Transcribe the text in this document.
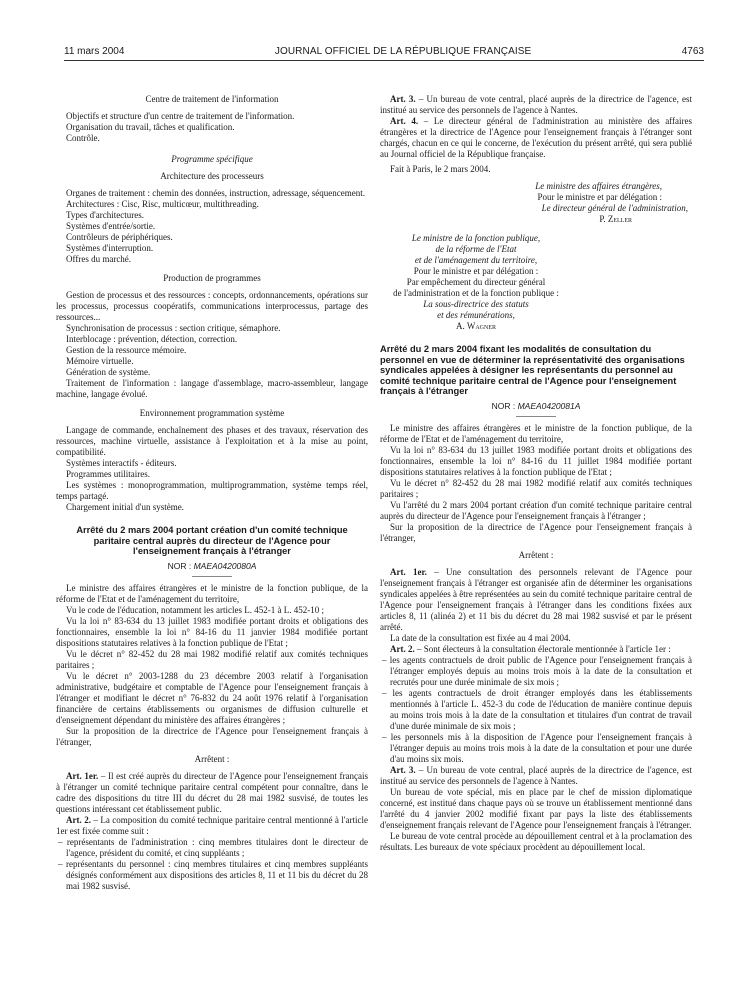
11 mars 2004	JOURNAL OFFICIEL DE LA RÉPUBLIQUE FRANÇAISE	4763

Centre de traitement de l'information

Objectifs et structure d'un centre de traitement de l'information.

Organisation du travail, tâches et qualification.

Contrôle.

Programme spécifique

Architecture des processeurs

Organes de traitement : chemin des données, instruction, adressage, séquencement.

Architectures : Cisc, Risc, multicœur, multithreading.

Types d'architectures.

Systèmes d'entrée/sortie.

Contrôleurs de périphériques.

Systèmes d'interruption.

Offres du marché.

Production de programmes

Gestion de processus et des ressources : concepts, ordonnancements, opérations sur les processus, processus coopératifs, communications interprocessus, partage des ressources...

Synchronisation de processus : section critique, sémaphore.

Interblocage : prévention, détection, correction.

Gestion de la ressource mémoire.

Mémoire virtuelle.

Génération de système.

Traitement de l'information : langage d'assemblage, macro-assembleur, langage machine, langage évolué.

Environnement programmation système

Langage de commande, enchaînement des phases et des travaux, réservation des ressources, machine virtuelle, assistance à l'exploitation et à la mise au point, compatibilité.

Systèmes interactifs - éditeurs.

Programmes utilitaires.

Les systèmes : monoprogrammation, multiprogrammation, système temps réel, temps partagé.

Chargement initial d'un système.

Arrêté du 2 mars 2004 portant création d'un comité technique paritaire central auprès du directeur de l'Agence pour l'enseignement français à l'étranger

NOR : MAEA0420080A

Le ministre des affaires étrangères et le ministre de la fonction publique, de la réforme de l'Etat et de l'aménagement du territoire,

Vu le code de l'éducation, notamment les articles L. 452-1 à L. 452-10 ;

Vu la loi n° 83-634 du 13 juillet 1983 modifiée portant droits et obligations des fonctionnaires, ensemble la loi n° 84-16 du 11 janvier 1984 modifiée portant dispositions statutaires relatives à la fonction publique de l'Etat ;

Vu le décret n° 82-452 du 28 mai 1982 modifié relatif aux comités techniques paritaires ;

Vu le décret n° 2003-1288 du 23 décembre 2003 relatif à l'organisation administrative, budgétaire et comptable de l'Agence pour l'enseignement français à l'étranger et modifiant le décret n° 76-832 du 24 août 1976 relatif à l'organisation financière de certains établissements ou organismes de diffusion culturelle et d'enseignement dépendant du ministère des affaires étrangères ;

Sur la proposition de la directrice de l'Agence pour l'enseignement français à l'étranger,

Arrêtent :

Art. 1er. – Il est créé auprès du directeur de l'Agence pour l'enseignement français à l'étranger un comité technique paritaire central compétent pour connaître, dans le cadre des dispositions du titre III du décret du 28 mai 1982 susvisé, de toutes les questions intéressant cet établissement public.

Art. 2. – La composition du comité technique paritaire central mentionné à l'article 1er est fixée comme suit :

– représentants de l'administration : cinq membres titulaires dont le directeur de l'agence, président du comité, et cinq suppléants ;

– représentants du personnel : cinq membres titulaires et cinq membres suppléants désignés conformément aux dispositions des articles 8, 11 et 11 bis du décret du 28 mai 1982 susvisé.

Art. 3. – Un bureau de vote central, placé auprès de la directrice de l'agence, est institué au service des personnels de l'agence à Nantes.

Art. 4. – Le directeur général de l'administration au ministère des affaires étrangères et la directrice de l'Agence pour l'enseignement français à l'étranger sont chargés, chacun en ce qui le concerne, de l'exécution du présent arrêté, qui sera publié au Journal officiel de la République française.

Fait à Paris, le 2 mars 2004.

Le ministre des affaires étrangères,

Pour le ministre et par délégation :

Le directeur général de l'administration,

P. Zeller

Le ministre de la fonction publique,

de la réforme de l'Etat

et de l'aménagement du territoire,

Pour le ministre et par délégation :

Par empêchement du directeur général

de l'administration et de la fonction publique :

La sous-directrice des statuts

et des rémunérations,

A. Wagner

Arrêté du 2 mars 2004 fixant les modalités de consultation du personnel en vue de déterminer la représentativité des organisations syndicales appelées à désigner les représentants du personnel au comité technique paritaire central de l'Agence pour l'enseignement français à l'étranger

NOR : MAEA0420081A

Le ministre des affaires étrangères et le ministre de la fonction publique, de la réforme de l'Etat et de l'aménagement du territoire,

Vu la loi n° 83-634 du 13 juillet 1983 modifiée portant droits et obligations des fonctionnaires, ensemble la loi n° 84-16 du 11 juillet 1984 modifiée portant dispositions statutaires relatives à la fonction publique de l'Etat ;

Vu le décret n° 82-452 du 28 mai 1982 modifié relatif aux comités techniques paritaires ;

Vu l'arrêté du 2 mars 2004 portant création d'un comité technique paritaire central auprès du directeur de l'Agence pour l'enseignement français à l'étranger ;

Sur la proposition de la directrice de l'Agence pour l'enseignement français à l'étranger,

Arrêtent :

Art. 1er. – Une consultation des personnels relevant de l'Agence pour l'enseignement français à l'étranger est organisée afin de déterminer les organisations syndicales appelées à être représentées au sein du comité technique paritaire central de l'Agence pour l'enseignement français à l'étranger dans les conditions fixées aux articles 8, 11 (alinéa 2) et 11 bis du décret du 28 mai 1982 susvisé et par le présent arrêté.

La date de la consultation est fixée au 4 mai 2004.

Art. 2. – Sont électeurs à la consultation électorale mentionnée à l'article 1er :

– les agents contractuels de droit public de l'Agence pour l'enseignement français à l'étranger employés depuis au moins trois mois à la date de la consultation et recrutés pour une durée minimale de six mois ;

– les agents contractuels de droit étranger employés dans les établissements mentionnés à l'article L. 452-3 du code de l'éducation de manière continue depuis au moins trois mois à la date de la consultation et titulaires d'un contrat de travail d'une durée minimale de six mois ;

– les personnels mis à la disposition de l'Agence pour l'enseignement français à l'étranger depuis au moins trois mois à la date de la consultation et pour une durée d'au moins six mois.

Art. 3. – Un bureau de vote central, placé auprès de la directrice de l'agence, est institué au service des personnels de l'agence à Nantes.

Un bureau de vote spécial, mis en place par le chef de mission diplomatique concerné, est institué dans chaque pays où se trouve un établissement mentionné dans l'arrêté du 4 janvier 2002 modifié fixant par pays la liste des établissements d'enseignement français relevant de l'Agence pour l'enseignement français à l'étranger.

Le bureau de vote central procède au dépouillement central et à la proclamation des résultats. Les bureaux de vote spéciaux procèdent au dépouillement local.
